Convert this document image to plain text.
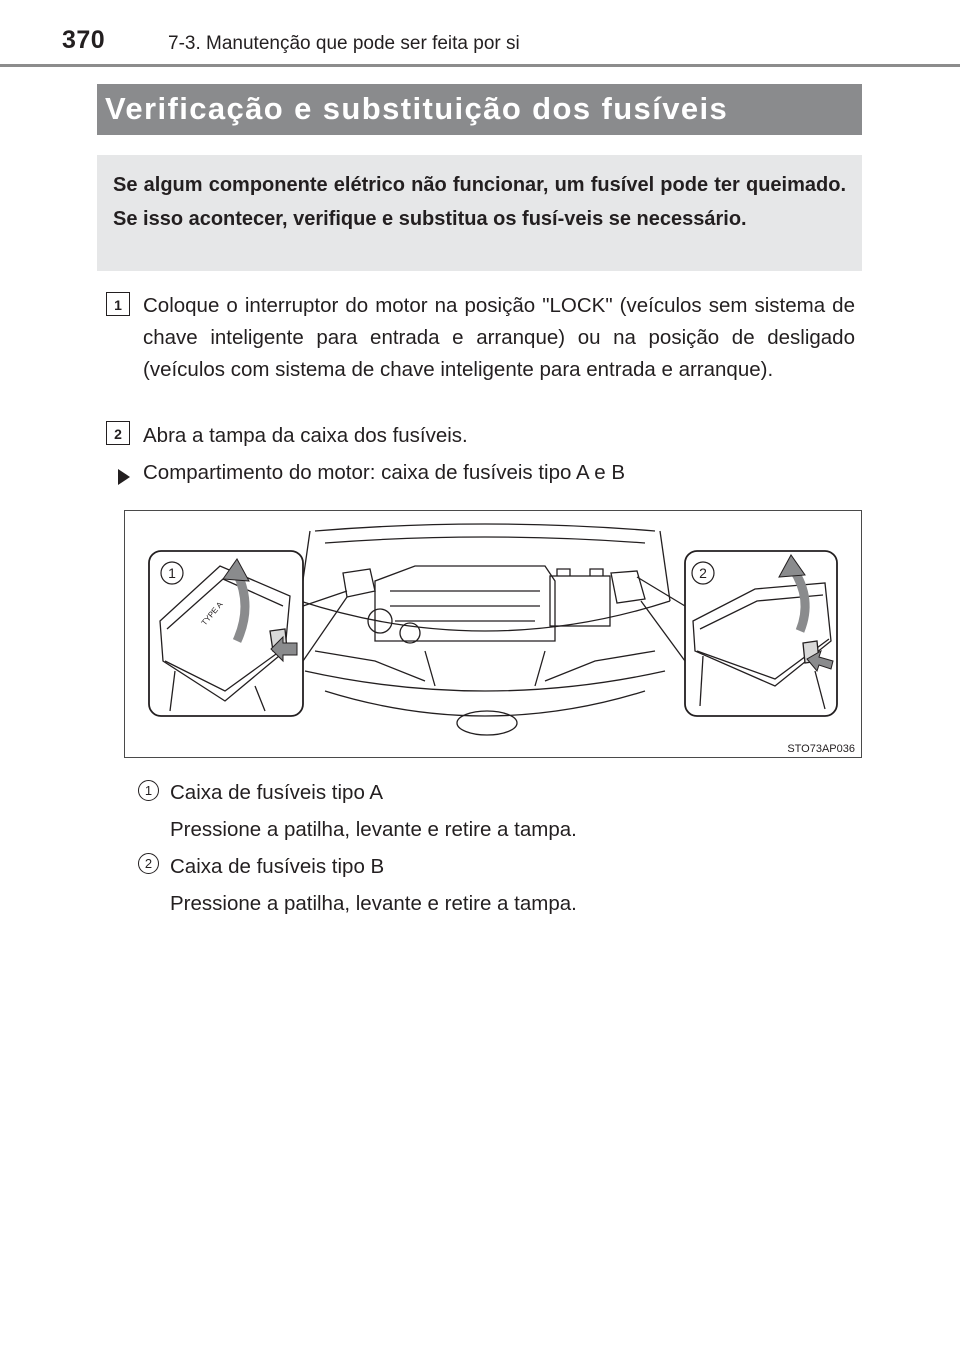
370	7-3. Manutenção que pode ser feita por si
Verificação e substituição dos fusíveis
Se algum componente elétrico não funcionar, um fusível pode ter queimado. Se isso acontecer, verifique e substitua os fusí-veis se necessário.
1	Coloque o interruptor do motor na posição "LOCK" (veículos sem sistema de chave inteligente para entrada e arranque) ou na posição de desligado (veículos com sistema de chave inteligente para entrada e arranque).
2	Abra a tampa da caixa dos fusíveis.
Compartimento do motor: caixa de fusíveis tipo A e B
TYPE A
1	2
STO73AP036
1 Caixa de fusíveis tipo A
Pressione a patilha, levante e retire a tampa.
2 Caixa de fusíveis tipo B
Pressione a patilha, levante e retire a tampa.
